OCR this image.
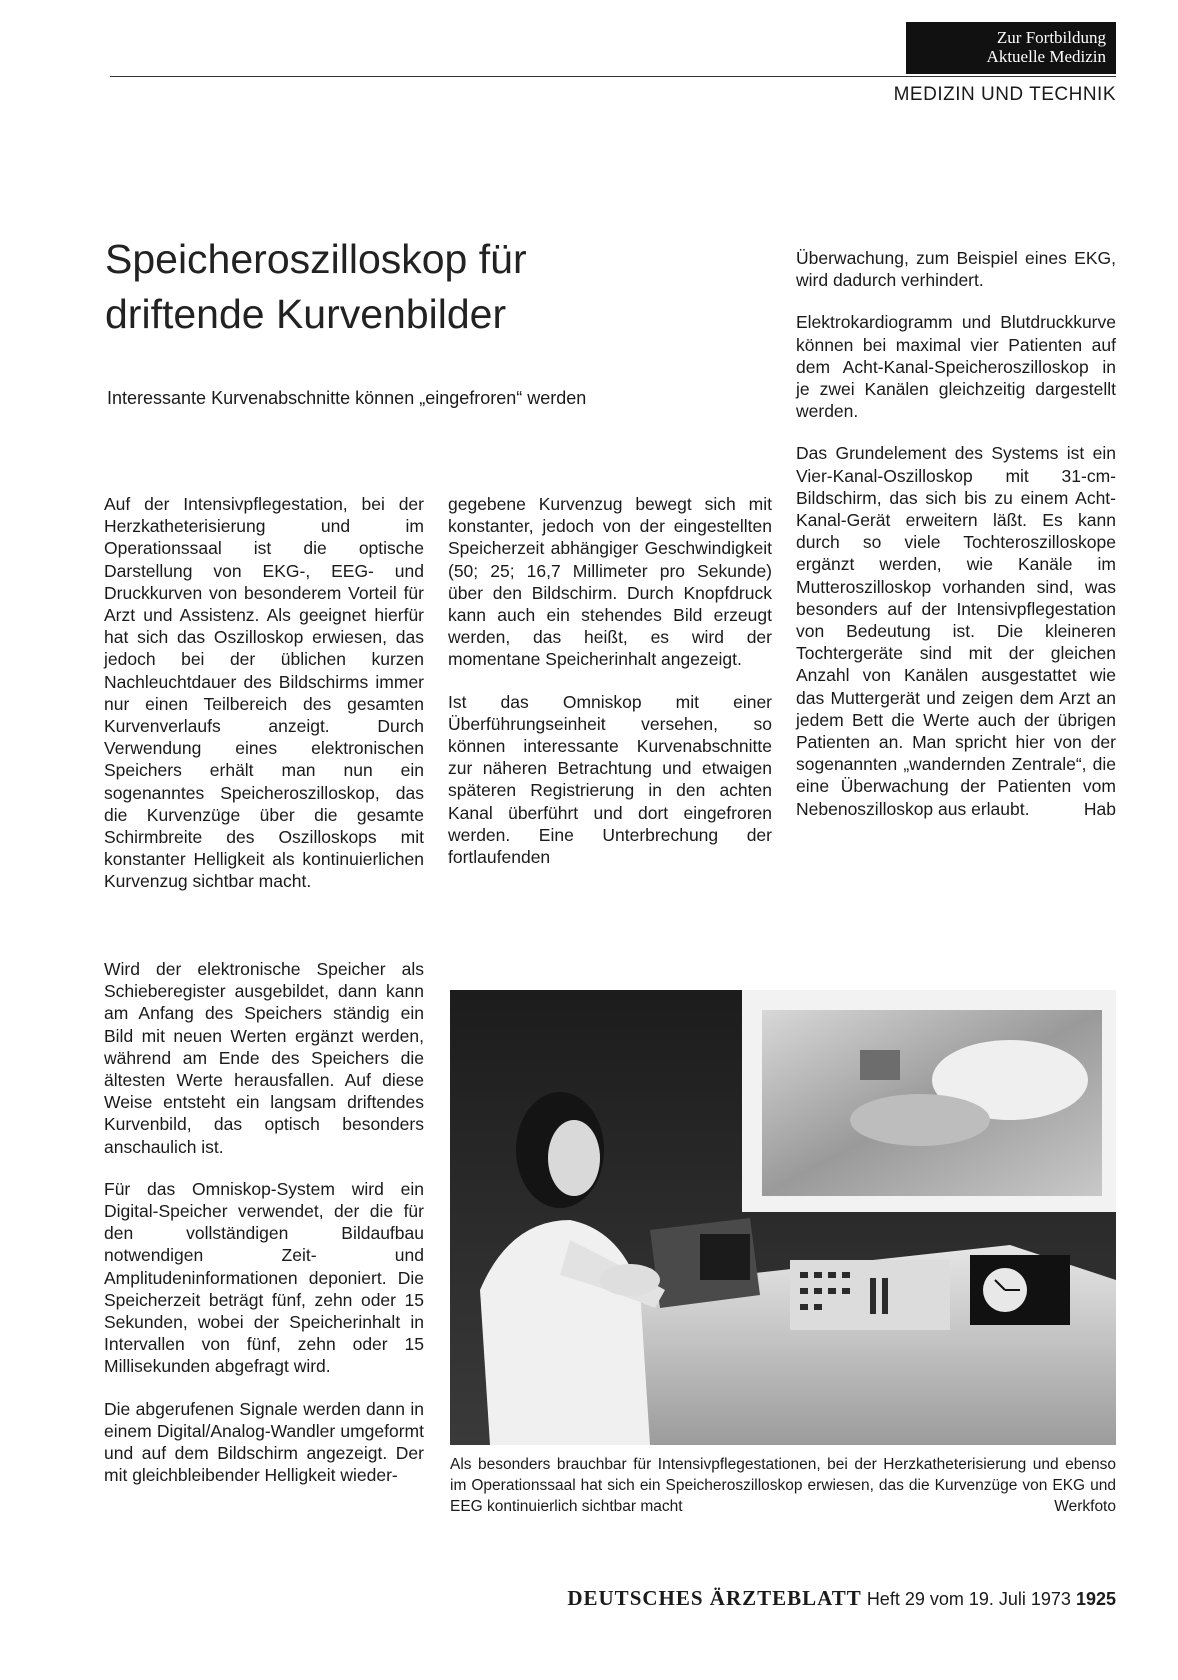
Zur Fortbildung
Aktuelle Medizin
MEDIZIN UND TECHNIK
Speicheroszilloskop für
driftende Kurvenbilder
Interessante Kurvenabschnitte können „eingefroren“ werden

Auf der Intensivpflegestation, bei der Herzkatheterisierung und im Operationssaal ist die optische Darstellung von EKG-, EEG- und Druckkurven von besonderem Vorteil für Arzt und Assistenz. Als geeignet hierfür hat sich das Oszilloskop erwiesen, das jedoch bei der üblichen kurzen Nachleuchtdauer des Bildschirms immer nur einen Teilbereich des gesamten Kurvenverlaufs anzeigt. Durch Verwendung eines elektronischen Speichers erhält man nun ein sogenanntes Speicheroszilloskop, das die Kurvenzüge über die gesamte Schirmbreite des Oszilloskops mit konstanter Helligkeit als kontinuierlichen Kurvenzug sichtbar macht.

Wird der elektronische Speicher als Schieberegister ausgebildet, dann kann am Anfang des Speichers ständig ein Bild mit neuen Werten ergänzt werden, während am Ende des Speichers die ältesten Werte herausfallen. Auf diese Weise entsteht ein langsam driftendes Kurvenbild, das optisch besonders anschaulich ist.

Für das Omniskop-System wird ein Digital-Speicher verwendet, der die für den vollständigen Bildaufbau notwendigen Zeit- und Amplitudeninformationen deponiert. Die Speicherzeit beträgt fünf, zehn oder 15 Sekunden, wobei der Speicherinhalt in Intervallen von fünf, zehn oder 15 Millisekunden abgefragt wird.

Die abgerufenen Signale werden dann in einem Digital/Analog-Wandler umgeformt und auf dem Bildschirm angezeigt. Der mit gleichbleibender Helligkeit wieder-

gegebene Kurvenzug bewegt sich mit konstanter, jedoch von der eingestellten Speicherzeit abhängiger Geschwindigkeit (50; 25; 16,7 Millimeter pro Sekunde) über den Bildschirm. Durch Knopfdruck kann auch ein stehendes Bild erzeugt werden, das heißt, es wird der momentane Speicherinhalt angezeigt.

Ist das Omniskop mit einer Überführungseinheit versehen, so können interessante Kurvenabschnitte zur näheren Betrachtung und etwaigen späteren Registrierung in den achten Kanal überführt und dort eingefroren werden. Eine Unterbrechung der fortlaufenden

Überwachung, zum Beispiel eines EKG, wird dadurch verhindert.

Elektrokardiogramm und Blutdruckkurve können bei maximal vier Patienten auf dem Acht-Kanal-Speicheroszilloskop in je zwei Kanälen gleichzeitig dargestellt werden.

Das Grundelement des Systems ist ein Vier-Kanal-Oszilloskop mit 31-cm-Bildschirm, das sich bis zu einem Acht-Kanal-Gerät erweitern läßt. Es kann durch so viele Tochteroszilloskope ergänzt werden, wie Kanäle im Mutteroszilloskop vorhanden sind, was besonders auf der Intensivpflegestation von Bedeutung ist. Die kleineren Tochtergeräte sind mit der gleichen Anzahl von Kanälen ausgestattet wie das Muttergerät und zeigen dem Arzt an jedem Bett die Werte auch der übrigen Patienten an. Man spricht hier von der sogenannten „wandernden Zentrale“, die eine Überwachung der Patienten vom Nebenoszilloskop aus erlaubt.	Hab

Als besonders brauchbar für Intensivpflegestationen, bei der Herzkatheterisierung und ebenso im Operationssaal hat sich ein Speicheroszilloskop erwiesen, das die Kurvenzüge von EKG und EEG kontinuierlich sichtbar macht	Werkfoto
DEUTSCHES ÄRZTEBLATT Heft 29 vom 19. Juli 1973 1925
